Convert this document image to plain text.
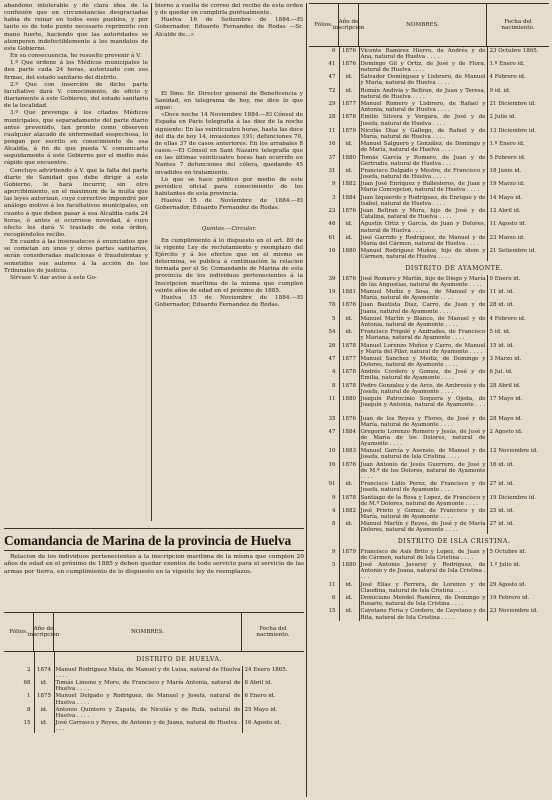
abandono intolerable y dé clara idea de la confusión que en circunstancias desgraciadas habia de reinar en todos esos pueblos, y por tanto es de todo punto necesario reprimirlo con mano fuerte, haciendo que las autoridades se atemperen indefectiblemente á los mandatos de este Gobierno.

En su consecuencia, he resuelto prevenir á V.

1.º Que ordene á los Médicos municipales le den parte cada 24 horas, autorizado con sus firmas, del estado sanitario del distrito.

2.º Que con inserción de dicho parte facultativo dará V. conocimiento, de oficio y diariamente á este Gobierno, del estado sanitario de la localidad.

3.º Que prevenga á los citados Médicos municipales, que separadamente del parte diario antes prevenido, tan pronto como observen cualquier atacado de enfermedad sospechosa, lo pongan por escrito en conocimiento de esa Alcaldía, á fin de que pueda V. comunicarlo seguidamente á este Gobierno por el medio más rápido que encuentre.

Concluyo advirtiendo á V. que la falta del parte diario de Sanidad que debe dirigir á este Gobierno, le hará incurrir, sin otro apercibimiento, en el máximum de la multa que las leyes autorizan, cuyo correctivo impondré por análogo motivo á los facultativos municipales, en cuanto á que deben pasar á esa Alcaldía cada 24 horas, ó antes si ocurriese novedad, á cuyo efecto les dará V. traslado de esta órden, recogiéndoles recibo.

En cuanto á las insensateces á enunciados que se cometan en unos y otros partes sanitarios, serán consideradas maliciosas ó fraudulentas y sometidos sus autores á la acción de los Tribunales de justicia.

Sírvase V. dar aviso á este Go-

bierno á vuelta de correo del recibo de esta órden y de quedar en cumplirla puntualmente.

Huelva 16 de Setiembre de 1884.—El Gobernador, Eduardo Fernandez de Rodas —Sr. Alcalde de...»

El Ilmo. Sr. Director general de Beneficencia y Sanidad, en telegrama de hoy, me dice lo que sigue:

«Doce noche 14 Noviembre 1884.—El Cónsul de España en Paris telegrafía á las diez de la noche siguiente: En las veinticuatro horas, hasta las doce del dia de hoy 14, invasiones 191; defunciones 70, de ellas 37 de casos anteriores. En los arrabales 8 casos.—El Cónsul en Sant Nazaire telegrafía que en las últimas veinticuatro horas han ocurrido en Nantes 7 defunciones del cólera, quedando 45 invadidos en tratamiento.

Lo que se hace público por medio de este periódico oficial para conocimiento de los habitantes de esta provincia.

Huelva 15 de Noviembre de 1884.—El Gobernador, Eduardo Fernandez de Rodas.

Quintas.—Circular.

En cumplimiento á lo dispuesto en el art. 89 de la vigente Ley de reclutamiento y reemplazo del Ejército y á los efectos que en el mismo se determina, se publica á continuación la relacion formada por el Sr. Comandante de Marina de esta provincia de los individuos pertenecientes á la Inscripcion marítima de la misma que cumplen veinte años de edad en el próximo de 1885.

Huelva 15 de Noviembre de 1884.—El Gobernador, Eduardo Fernandez de Rodas.

Comandancia de Marina de la provincia de Huelva

Relacion de los individuos pertenecientes á la inscripcion marítima de la misma que cumplen 20 años de edad en el próximo de 1885 y deben quedar exentos de todo servicio para el servicio de las armas por tierra, en cumplimiento de lo dispuesto en la vigente ley de reemplazos.

Fólios.
Año de inscripcion
NOMBRES.
Fecha del nacimiento.
		DISTRITO DE HUELVA.	
2	1874	Manuel Rodriguez Mata, de Manuel y de Luisa, natural de Huelva . . . .	24 Enero 1865.
68	id.	Tomás Limone y Moro, de Francisco y María Antonia, natural de Huelva . . . .	8 Abril id.
1	1875	Manuel Delgado y Rodriguez, de Manuel y Josefa, natural de Huelva . . . .	6 Enero id.
8	id.	Antonio Quintero y Zapata, de Nicolás y de Rufa, natural de Huelva . . . .	25 Mayo id.
15	id.	José Carrasco y Reyes, de Antonio y de Juana, natural de Huelva . . . .	16 Agosto id.
Fólios.
Año de inscripcion
NOMBRES.
Fecha del nacimiento.
6	1876	Vicente Ramirez Hierro, de Andrés y de Ana, natural de Huelva . . . .	23 Octubre 1865.
41	1876	Domingo Gil y Ortiz, de José y de Flora, natural de Huelva . . . .	1.º Enero id.
47	id.	Salvador Domínguez y Lisbrero, de Manuel y María, natural de Huelva . . . .	4 Febrero id.
72	id.	Román Andivia y Beltran, de Juan y Teresa, natural de Huelva . . . .	9 id. id.
29	1877	Manuel Romero y Lisbrero, de Rafael y Antonia, natural de Huelva . . . .	21 Diciembre id.
28	1878	Emilio Silvera y Vergara, de José y de Josefa, natural de Huelva . . . .	2 Julio id.
11	1879	Nicolás Diaz y Gallego, de Rafael y de María, natural de Huelva . . . .	13 Diciembre id.
16	id.	Manuel Salguero y González, de Domingo y de María, natural de Huelva . . . .	1.º Enero id.
37	1880	Tomás García y Romero, de Juan y de Gertrudis, natural de Huelva . . . .	5 Febrero id.
31	id.	Francisco Delgado y Mestre, de Francisco y Josefa, natural de Huelva . . . .	18 Junio id.
9	1882	Juan José Enríquez y Ballesteros, de Juan y María Concepcion, natural de Huelva . . . .	19 Marzo id.
3	1884	Juan Izquierdo y Rodríguez, de Enrique y de Isabel, natural de Huelva . . . .	14 Mayo id.
23	1876	Juan Beltran y Mora, hijo de José y de Catalina, natural de Huelva . . . .	12 Abril id.
46	id.	Agustín Ortiz y García, de Juan y Dolores, natural de Huelva . . . .	11 Agosto id.
61	id.	José Garrido y Rodríguez, de Manuel y de María del Cármen, natural de Huelva . . . .	23 Marzo id.
16	1880	Manuel Rodríguez Muñoz, hijo de ídem y Cármen, natural de Huelva . . . .	21 Setiembre id.
		DISTRITO DE AYAMONTE.	
39	1876	José Romero y Martín, hijo de Diego y María de las Angustias, natural de Ayamonte . . . .	9 Enero id.
19	1881	Manuel Muñiz y Sosa, de Manuel y de María, natural de Ayamonte . . . .	11 id. id.
78	1876	Juan Bautista Diaz, Carro, de Juan y de Juana, natural de Ayamonte . . . .	28 id. id.
5	id.	Manuel Martín y Blanco, de Manuel y de Antonia, natural de Ayamonte . . . .	4 Febrero id.
54	id.	Francisco Frigolé y Andrades, de Francisco y Mariana, natural de Ayamonte . . . .	5 id. id.
26	1878	Manuel Lorenzo Muñoz y Carro, de Manuel y María del Pilar, natural de Ayamonte . . . .	15 id. id.
47	1877	Manuel Sanchez y Mediz, de Domingo y Dolores, natural de Ayamonte . . . .	3 Marzo id.
4	1878	Andrés Cordero y Gomez, de José y de Emilia, natural de Ayamonte . . . .	6 Jul. id.
8	1878	Pedro Gonzalez y de Arce, de Ambrosio y de Josefa, natural de Ayamonte . . . .	28 Abril id.
11	1880	Joaquín Patrocinio Soquera y Ojeda, de Joaquín y Antonia, natural de Ayamonte . . . .	17 Mayo id.
35	1876	Juan de los Reyes y Flores, de José y de María, natural de Ayamonte . . . .	28 Mayo id.
47	1884	Gregorio Lorenzo Romero y Jesús, de José y de María de los Dolores, natural de Ayamonte . . . .	2 Agosto id.
10	1883	Manuel García y Asensio, de Manuel y de Josefa, natural de Isla Cristina . . . .	12 Noviembre id.
16	1876	Juan Antonio de Jesús Guerrero, de José y de M.ª de los Dolores, natural de Ayamonte . . . .	16 id. id.
91	id.	Francisco Lidio Perez, de Francisco y de Josefa, natural de Ayamonte . . . .	27 id. id.
9	1878	Santiago de la Rosa y Lopez, de Francisco y de M.ª Dolores, natural de Ayamonte . . . .	19 Diciembre id.
4	1882	José Prieto y Gomez, de Francisco y de María, natural de Ayamonte . . . .	25 id. id.
8	id.	Manuel Martín y Reyes, de José y de María Dolores, natural de Ayamonte . . . .	27 id. id.
		DISTRITO DE ISLA CRISTINA.	
9	1879	Francisco de Asís Brito y Lopez, de Juan y de Cármen, natural de Isla Cristina . . . .	5 Octubre id.
5	1880	José Antonio Javaroy y Rodríguez, de Antonio y de Juana, natural de Isla Cristina . . . .	1.º Julio id.
11	id.	José Elías y Ferrera, de Lorenzo y de Claudina, natural de Isla Cristina . . . .	29 Agosto id.
6	id.	Domiciano Mendel Ramírez, de Domingo y Rosario, natural de Isla Cristina . . . .	19 Febrero id.
15	id.	Cayetano Feria y Cordero, de Cayetano y de Rita, natural de Isla Cristina . . . .	23 Noviembre id.
